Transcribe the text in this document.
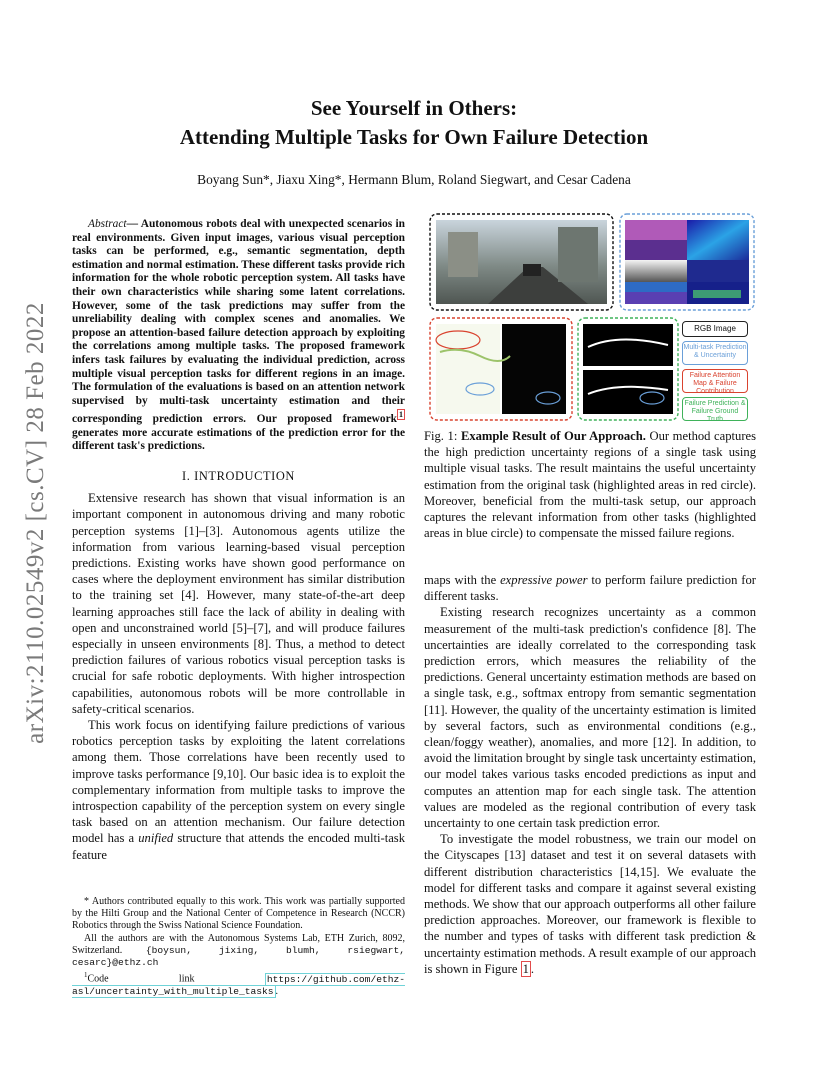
arXiv:2110.02549v2 [cs.CV] 28 Feb 2022
See Yourself in Others:
Attending Multiple Tasks for Own Failure Detection
Boyang Sun*, Jiaxu Xing*, Hermann Blum, Roland Siegwart, and Cesar Cadena

Abstract— Autonomous robots deal with unexpected scenarios in real environments. Given input images, various visual perception tasks can be performed, e.g., semantic segmentation, depth estimation and normal estimation. These different tasks provide rich information for the whole robotic perception system. All tasks have their own characteristics while sharing some latent correlations. However, some of the task predictions may suffer from the unreliability dealing with complex scenes and anomalies. We propose an attention-based failure detection approach by exploiting the correlations among multiple tasks. The proposed framework infers task failures by evaluating the individual prediction, across multiple visual perception tasks for different regions in an image. The formulation of the evaluations is based on an attention network supervised by multi-task uncertainty estimation and their corresponding prediction errors. Our proposed framework $^1$ generates more accurate estimations of the prediction error for the different task's predictions.

I. INTRODUCTION

Extensive research has shown that visual information is an important component in autonomous driving and many robotic perception systems [1]–[3]. Autonomous agents utilize the information from various learning-based visual perception predictions. Existing works have shown good performance on cases where the deployment environment has similar distribution to the training set [4]. However, many state-of-the-art deep learning approaches still face the lack of ability in dealing with open and unconstrained world [5]–[7], and will produce failures especially in unseen environments [8]. Thus, a method to detect prediction failures of various robotics visual perception tasks is crucial for safe robotic deployments. With higher introspection capabilities, autonomous robots will be more controllable in safety-critical scenarios.

This work focus on identifying failure predictions of various robotics perception tasks by exploiting the latent correlations among them. Those correlations have been recently used to improve tasks performance [9,10]. Our basic idea is to exploit the complementary information from multiple tasks to improve the introspection capability of the perception system on every single task based on an attention mechanism. Our failure detection model has a unified structure that attends the encoded multi-task feature

* Authors contributed equally to this work. This work was partially supported by the Hilti Group and the National Center of Competence in Research (NCCR) Robotics through the Swiss National Science Foundation.

All the authors are with the Autonomous Systems Lab, ETH Zurich, 8092, Switzerland. {boysun, jixing, blumh, rsiegwart, cesarc}@ethz.ch

$^1$Code link https://github.com/ethz-asl/uncertainty_with_multiple_tasks .

RGB Image
Multi-task Prediction & Uncertainty
Failure Attention Map & Failure Contribution
Failure Prediction & Failure Ground Truth
Fig. 1: Example Result of Our Approach. Our method captures the high prediction uncertainty regions of a single task using multiple visual tasks. The result maintains the useful uncertainty estimation from the original task (highlighted areas in red circle). Moreover, beneficial from the multi-task setup, our approach captures the relevant information from other tasks (highlighted areas in blue circle) to compensate the missed failure regions.

maps with the expressive power to perform failure prediction for different tasks.

Existing research recognizes uncertainty as a common measurement of the multi-task prediction's confidence [8]. The uncertainties are ideally correlated to the corresponding task prediction errors, which measures the reliability of the predictions. General uncertainty estimation methods are based on a single task, e.g., softmax entropy from semantic segmentation [11]. However, the quality of the uncertainty estimation is limited by several factors, such as environmental conditions (e.g., clean/foggy weather), anomalies, and more [12]. In addition, to avoid the limitation brought by single task uncertainty estimation, our model takes various tasks encoded predictions as input and computes an attention map for each single task. The attention values are modeled as the regional contribution of every task uncertainty to one certain task prediction error.

To investigate the model robustness, we train our model on the Cityscapes [13] dataset and test it on several datasets with different distribution characteristics [14,15]. We evaluate the model for different tasks and compare it against several existing methods. We show that our approach outperforms all other failure prediction approaches. Moreover, our framework is flexible to the number and types of tasks with different task prediction & uncertainty estimation methods. A result example of our approach is shown in Figure 1 .
